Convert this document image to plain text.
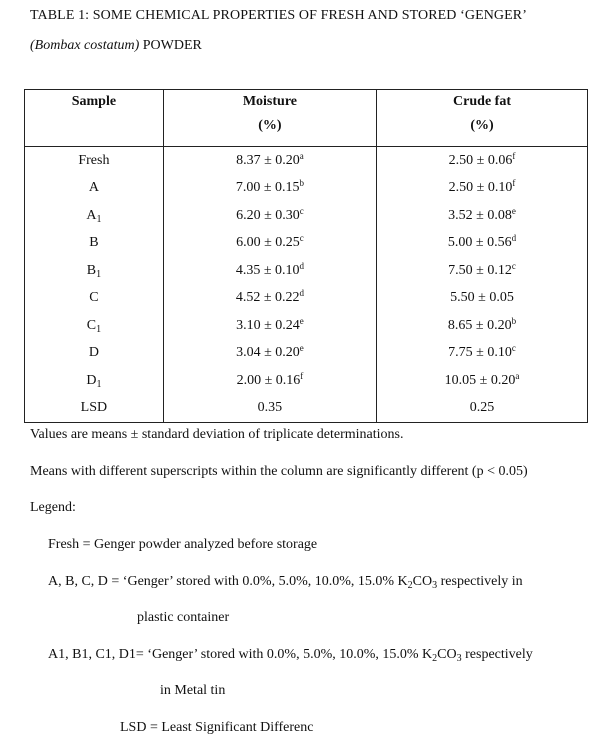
TABLE 1: SOME CHEMICAL PROPERTIES OF FRESH AND STORED ‘GENGER’
(Bombax costatum) POWDER
Sample	Moisture	Crude fat
	(%)	(%)
Fresh	8.37 ± 0.20$^a$	2.50 ± 0.06$^f$
A	7.00 ± 0.15$^b$	2.50 ± 0.10$^f$
$A_1$	6.20 ± 0.30$^c$	3.52 ± 0.08$^e$
B	6.00 ± 0.25$^c$	5.00 ± 0.56$^d$
$B_1$	4.35 ± 0.10$^d$	7.50 ± 0.12$^c$
C	4.52 ± 0.22$^d$	5.50 ± 0.05
$C_1$	3.10 ± 0.24$^e$	8.65 ± 0.20$^b$
D	3.04 ± 0.20$^e$	7.75 ± 0.10$^c$
$D_1$	2.00 ± 0.16$^f$	10.05 ± 0.20$^a$
LSD	0.35	0.25
Values are means ± standard deviation of triplicate determinations.
Means with different superscripts within the column are significantly different (p < 0.05)
Legend:
Fresh = Genger powder analyzed before storage
A, B, C, D = ‘Genger’ stored with 0.0%, 5.0%, 10.0%, 15.0% $K_2CO_3$ respectively in
plastic container
A1, B1, C1, D1= ‘Genger’ stored with 0.0%, 5.0%, 10.0%, 15.0% $K_2CO_3$ respectively
in Metal tin
LSD = Least Significant Differenc
